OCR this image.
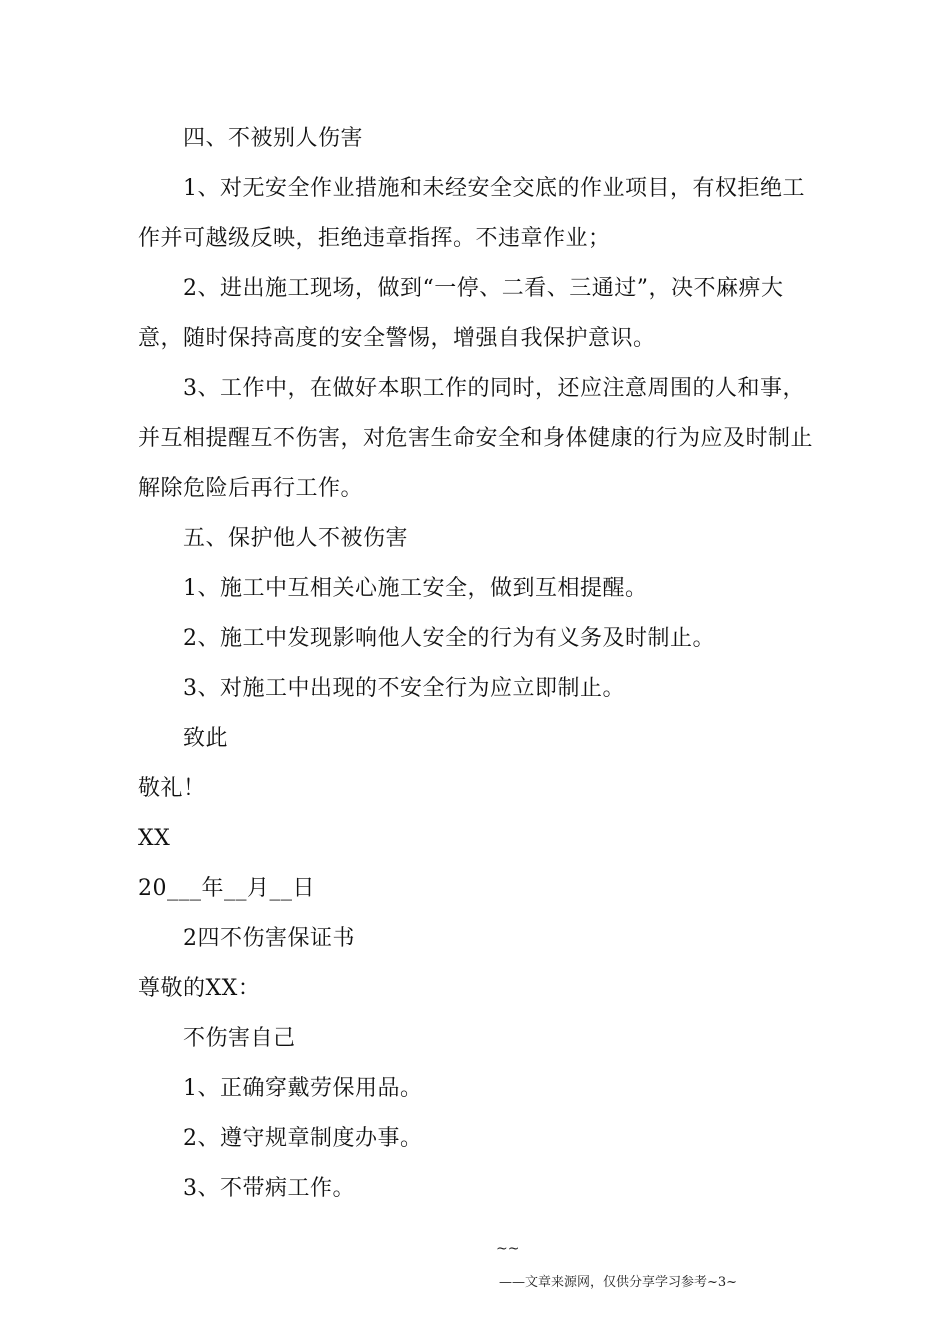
四、不被别人伤害
1、对无安全作业措施和未经安全交底的作业项目，有权拒绝工
作并可越级反映，拒绝违章指挥。不违章作业；
2、进出施工现场，做到“一停、二看、三通过”，决不麻痹大
意，随时保持高度的安全警惕，增强自我保护意识。
3、工作中，在做好本职工作的同时，还应注意周围的人和事，
并互相提醒互不伤害，对危害生命安全和身体健康的行为应及时制止
解除危险后再行工作。
五、保护他人不被伤害
1、施工中互相关心施工安全，做到互相提醒。
2、施工中发现影响他人安全的行为有义务及时制止。
3、对施工中出现的不安全行为应立即制止。
致此
敬礼！
XX
20___年__月__日
2四不伤害保证书
尊敬的XX：
不伤害自己
1、正确穿戴劳保用品。
2、遵守规章制度办事。
3、不带病工作。
~~
——文章来源网，仅供分享学习参考~3~
